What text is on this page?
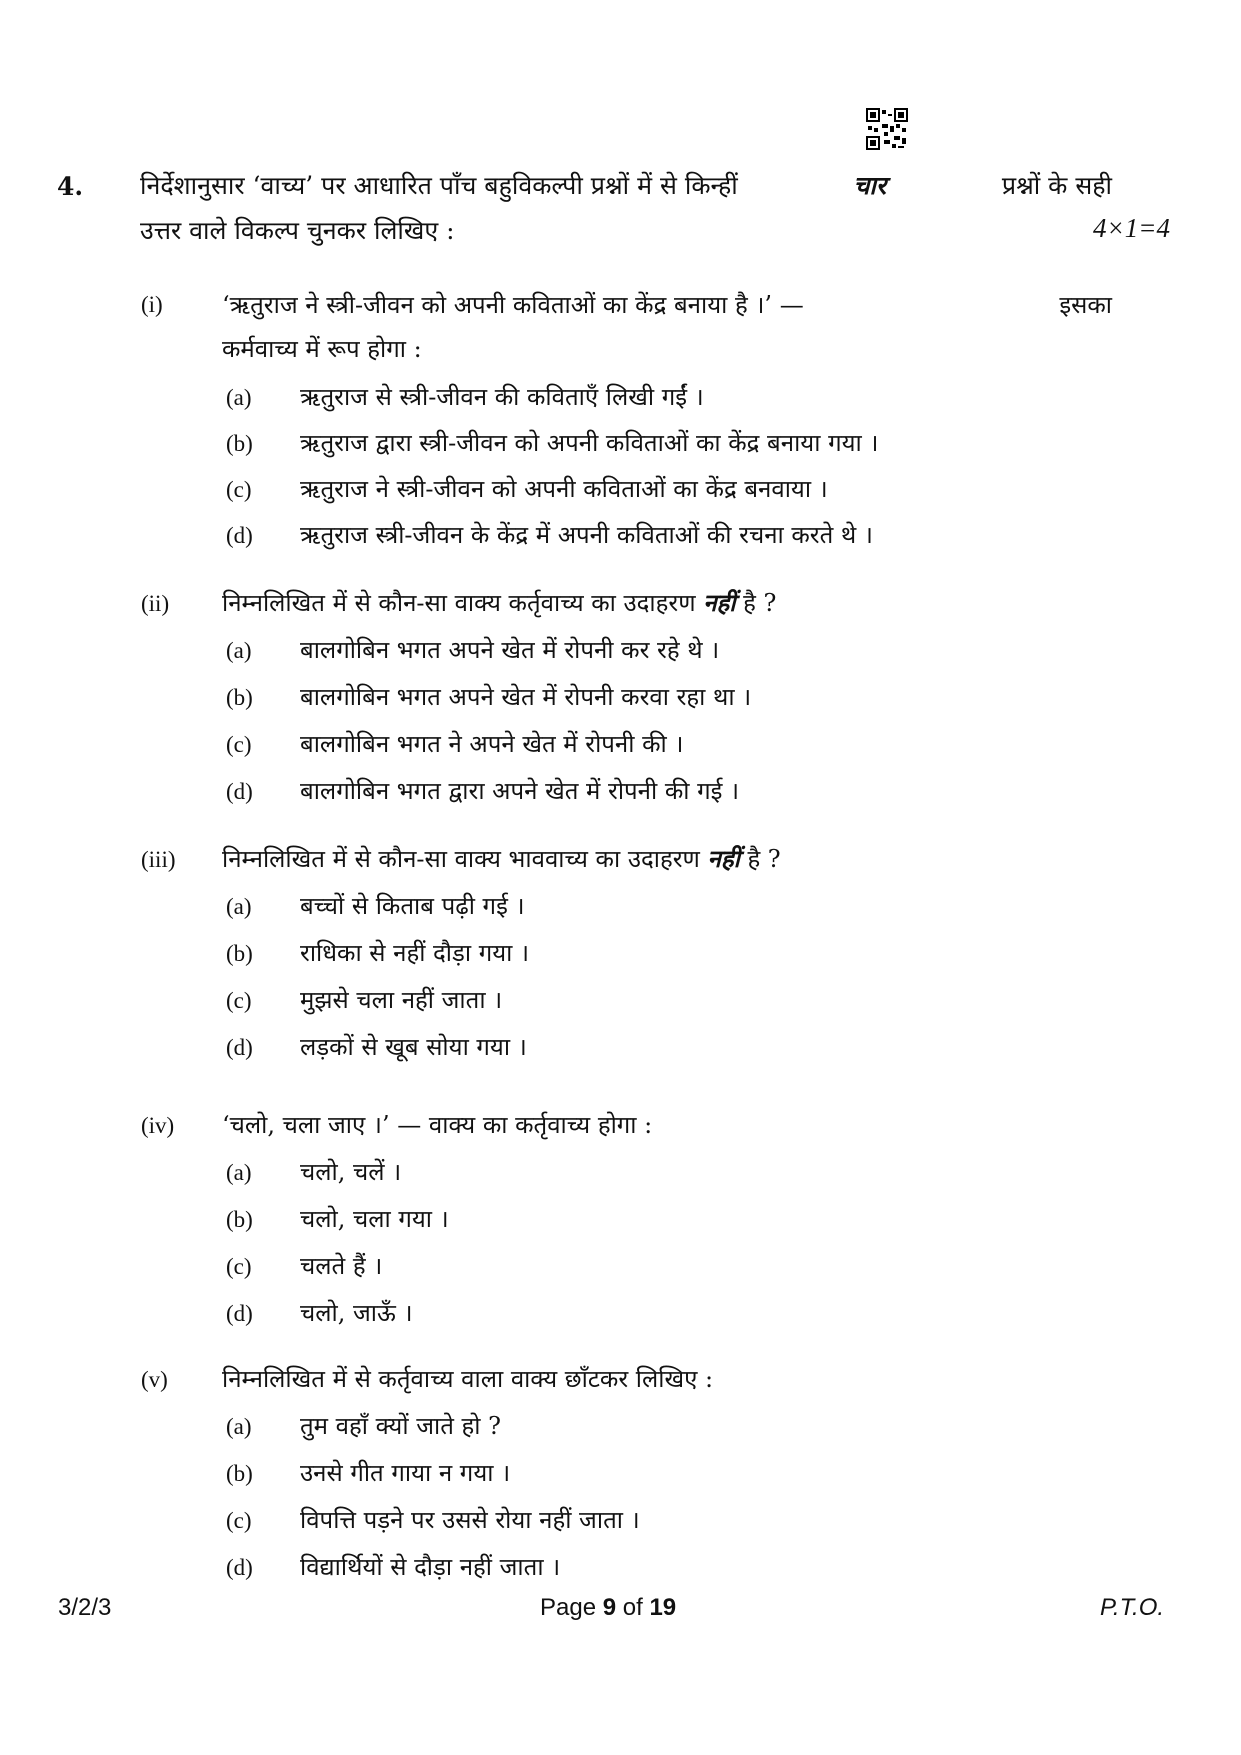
4. निर्देशानुसार ‘वाच्य’ पर आधारित पाँच बहुविकल्पी प्रश्नों में से किन्हीं	चार	प्रश्नों के सही
उत्तर वाले विकल्प चुनकर लिखिए :	4×1=4
(i) ‘ऋतुराज ने स्त्री-जीवन को अपनी कविताओं का केंद्र बनाया है ।’ —	इसका
कर्मवाच्य में रूप होगा :
(a) ऋतुराज से स्त्री-जीवन की कविताएँ लिखी गईं ।
(b) ऋतुराज द्वारा स्त्री-जीवन को अपनी कविताओं का केंद्र बनाया गया ।
(c) ऋतुराज ने स्त्री-जीवन को अपनी कविताओं का केंद्र बनवाया ।
(d) ऋतुराज स्त्री-जीवन के केंद्र में अपनी कविताओं की रचना करते थे ।
(ii) निम्नलिखित में से कौन-सा वाक्य कर्तृवाच्य का उदाहरण नहीं है ?
(a) बालगोबिन भगत अपने खेत में रोपनी कर रहे थे ।
(b) बालगोबिन भगत अपने खेत में रोपनी करवा रहा था ।
(c) बालगोबिन भगत ने अपने खेत में रोपनी की ।
(d) बालगोबिन भगत द्वारा अपने खेत में रोपनी की गई ।
(iii) निम्नलिखित में से कौन-सा वाक्य भाववाच्य का उदाहरण नहीं है ?
(a) बच्चों से किताब पढ़ी गई ।
(b) राधिका से नहीं दौड़ा गया ।
(c) मुझसे चला नहीं जाता ।
(d) लड़कों से खूब सोया गया ।
(iv) ‘चलो, चला जाए ।’ — वाक्य का कर्तृवाच्य होगा :
(a) चलो, चलें ।
(b) चलो, चला गया ।
(c) चलते हैं ।
(d) चलो, जाऊँ ।
(v) निम्नलिखित में से कर्तृवाच्य वाला वाक्य छाँटकर लिखिए :
(a) तुम वहाँ क्यों जाते हो ?
(b) उनसे गीत गाया न गया ।
(c) विपत्ति पड़ने पर उससे रोया नहीं जाता ।
(d) विद्यार्थियों से दौड़ा नहीं जाता ।
3/2/3	Page 9 of 19	P.T.O.
